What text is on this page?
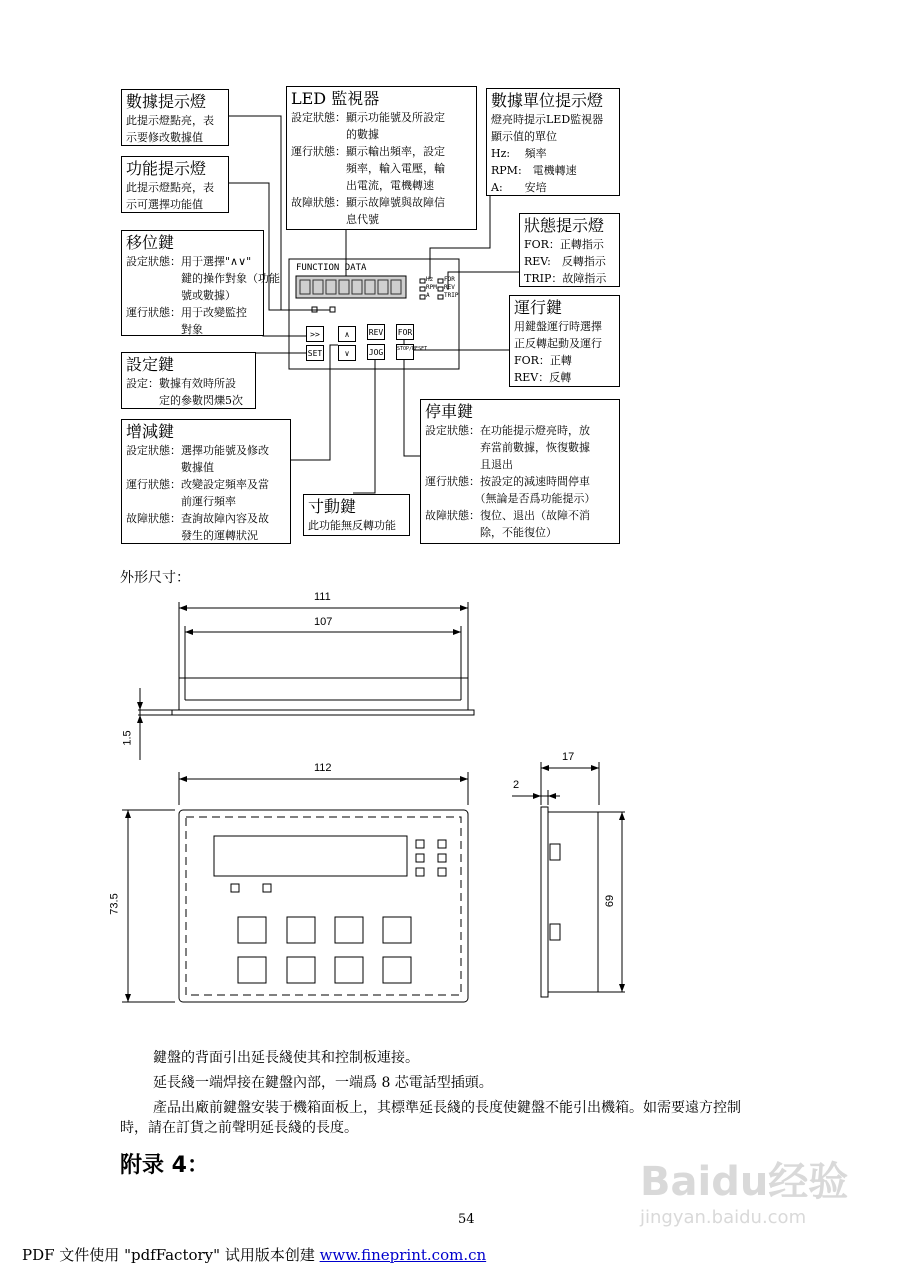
FUNCTION DATA
Hz
RPM
A
FOR
REV
TRIP
>>	∧	REV FOR
SET	∨	JOG	STOP/RESET
數據提示燈
此提示燈點亮，表
示要修改數據值
功能提示燈
此提示燈點亮，表
示可選擇功能值
移位鍵
設定狀態：用于選擇"∧∨"
　　　　　鍵的操作對象（功能
　　　　　號或數據）
運行狀態：用于改變監控
　　　　　對象
設定鍵
設定：數據有效時所設
　　　定的參數閃爍5次
增減鍵
設定狀態：選擇功能號及修改
　　　　　數據值
運行狀態：改變設定頻率及當
　　　　　前運行頻率
故障狀態：查詢故障內容及故
　　　　　發生的運轉狀況
LED 監視器
設定狀態：顯示功能號及所設定
　　　　　的數據
運行狀態：顯示輸出頻率，設定
　　　　　頻率，輸入電壓，輸
　　　　　出電流，電機轉速
故障狀態：顯示故障號與故障信
　　　　　息代號
數據單位提示燈
燈亮時提示LED監視器
顯示值的單位
Hz:　 頻率
RPM:　電機轉速
A:　　安培
狀態提示燈
FOR：正轉指示
REV:　反轉指示
TRIP：故障指示
運行鍵
用鍵盤運行時選擇
正反轉起動及運行
FOR：正轉
REV：反轉
停車鍵
設定狀態：在功能提示燈亮時，放
　　　　　弃當前數據，恢復數據
　　　　　且退出
運行狀態：按設定的減速時間停車
　　　　　（無論是否爲功能提示）
故障狀態：復位、退出（故障不消
　　　　　除，不能復位）
寸動鍵
此功能無反轉功能
外形尺寸：
111
107
1.5
112
73.5
17
2
69
鍵盤的背面引出延長綫使其和控制板連接。
延長綫一端焊接在鍵盤內部，一端爲 8 芯電話型插頭。
產品出廠前鍵盤安裝于機箱面板上，其標準延長綫的長度使鍵盤不能引出機箱。如需要遠方控制
時，請在訂貨之前聲明延長綫的長度。
附录 4：
54
Baidu经验
jingyan.baidu.com
PDF 文件使用 "pdfFactory" 试用版本创建 www.fineprint.com.cn
